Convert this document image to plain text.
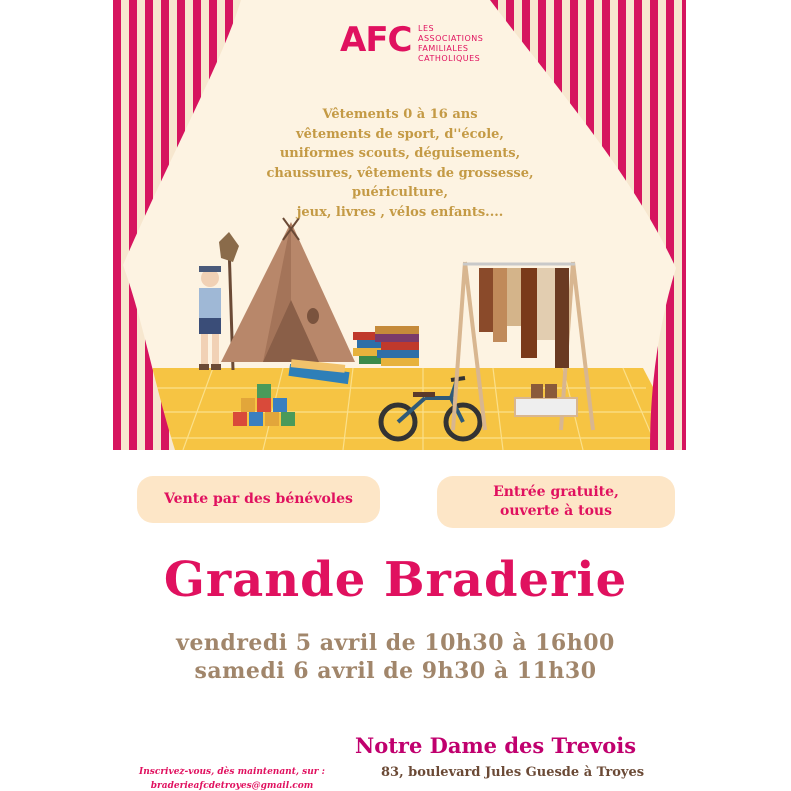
AFC LES
ASSOCIATIONS
FAMILIALES
CATHOLIQUES
Vêtements 0 à 16 ans
vêtements de sport, d''école,
uniformes scouts, déguisements,
chaussures, vêtements de grossesse,
puériculture,
jeux, livres , vélos enfants....
Vente par des bénévoles	Entrée gratuite,
ouverte à tous
Grande Braderie
vendredi 5 avril de 10h30 à 16h00
samedi 6 avril de 9h30 à 11h30
Notre Dame des Trevois
83, boulevard Jules Guesde à Troyes
Inscrivez-vous, dès maintenant, sur :
braderieafcdetroyes@gmail.com
